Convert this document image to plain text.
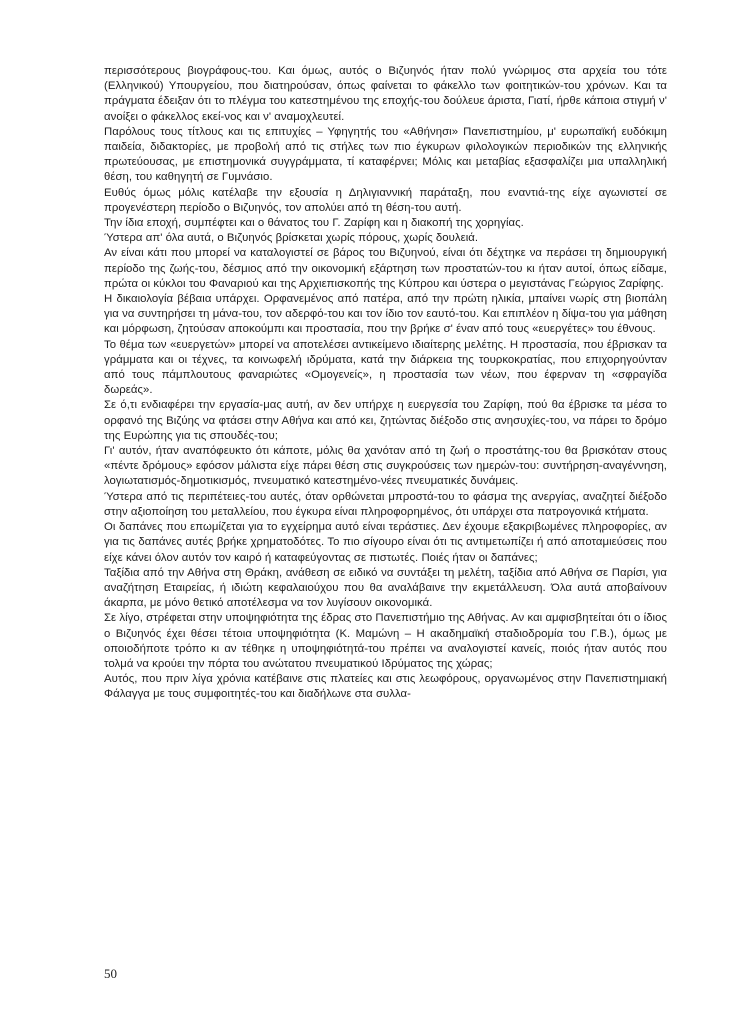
περισσότερους βιογράφους-του. Και όμως, αυτός ο Βιζυηνός ήταν πολύ γνώριμος στα αρχεία του τότε (Ελληνικού) Υπουργείου, που διατηρούσαν, όπως φαίνεται το φάκελλο των φοιτητικών-του χρόνων. Και τα πράγματα έδειξαν ότι το πλέγμα του κατεστημένου της εποχής-του δούλευε άριστα, Γιατί, ήρθε κάποια στιγμή ν' ανοίξει ο φάκελλος εκεί-νος και ν' αναμοχλευτεί.

Παρόλους τους τίτλους και τις επιτυχίες – Υφηγητής του «Αθήνησι» Πανεπιστημίου, μ' ευρωπαϊκή ευδόκιμη παιδεία, διδακτορίες, με προβολή από τις στήλες των πιο έγκυρων φιλολογικών περιοδικών της ελληνικής πρωτεύουσας, με επιστημονικά συγγράμματα, τί καταφέρνει; Μόλις και μεταβίας εξασφαλίζει μια υπαλληλική θέση, του καθηγητή σε Γυμνάσιο.

Ευθύς όμως μόλις κατέλαβε την εξουσία η Δηλιγιαννική παράταξη, που εναντιά-της είχε αγωνιστεί σε προγενέστερη περίοδο ο Βιζυηνός, τον απολύει από τη θέση-του αυτή.

Την ίδια εποχή, συμπέφτει και ο θάνατος του Γ. Ζαρίφη και η διακοπή της χορηγίας.

Ύστερα απ' όλα αυτά, ο Βιζυηνός βρίσκεται χωρίς πόρους, χωρίς δουλειά.

Αν είναι κάτι που μπορεί να καταλογιστεί σε βάρος του Βιζυηνού, είναι ότι δέχτηκε να περάσει τη δημιουργική περίοδο της ζωής-του, δέσμιος από την οικονομική εξάρτηση των προστατών-του κι ήταν αυτοί, όπως είδαμε, πρώτα οι κύκλοι του Φαναριού και της Αρχιεπισκοπής της Κύπρου και ύστερα ο μεγιστάνας Γεώργιος Ζαρίφης.

Η δικαιολογία βέβαια υπάρχει. Ορφανεμένος από πατέρα, από την πρώτη ηλικία, μπαίνει νωρίς στη βιοπάλη για να συντηρήσει τη μάνα-του, τον αδερφό-του και τον ίδιο τον εαυτό-του. Και επιπλέον η δίψα-του για μάθηση και μόρφωση, ζητούσαν αποκούμπι και προστασία, που την βρήκε σ' έναν από τους «ευεργέτες» του έθνους.

Το θέμα των «ευεργετών» μπορεί να αποτελέσει αντικείμενο ιδιαίτερης μελέτης. Η προστασία, που έβρισκαν τα γράμματα και οι τέχνες, τα κοινωφελή ιδρύματα, κατά την διάρκεια της τουρκοκρατίας, που επιχορηγούνταν από τους πάμπλουτους φαναριώτες «Ομογενείς», η προστασία των νέων, που έφερναν τη «σφραγίδα δωρεάς».

Σε ό,τι ενδιαφέρει την εργασία-μας αυτή, αν δεν υπήρχε η ευεργεσία του Ζαρίφη, πού θα έβρισκε τα μέσα το ορφανό της Βιζύης να φτάσει στην Αθήνα και από κει, ζητώντας διέξοδο στις ανησυχίες-του, να πάρει το δρόμο της Ευρώπης για τις σπουδές-του;

Γι' αυτόν, ήταν αναπόφευκτο ότι κάποτε, μόλις θα χανόταν από τη ζωή ο προστάτης-του θα βρισκόταν στους «πέντε δρόμους» εφόσον μάλιστα είχε πάρει θέση στις συγκρούσεις των ημερών-του: συντήρηση-αναγέννηση, λογιωτατισμός-δημοτικισμός, πνευματικό κατεστημένο-νέες πνευματικές δυνάμεις.

Ύστερα από τις περιπέτειες-του αυτές, όταν ορθώνεται μπροστά-του το φάσμα της ανεργίας, αναζητεί διέξοδο στην αξιοποίηση του μεταλλείου, που έγκυρα είναι πληροφορημένος, ότι υπάρχει στα πατρογονικά κτήματα.

Οι δαπάνες που επωμίζεται για το εγχείρημα αυτό είναι τεράστιες. Δεν έχουμε εξακριβωμένες πληροφορίες, αν για τις δαπάνες αυτές βρήκε χρηματοδότες. Το πιο σίγουρο είναι ότι τις αντιμετωπίζει ή από αποταμιεύσεις που είχε κάνει όλον αυτόν τον καιρό ή καταφεύγοντας σε πιστωτές. Ποιές ήταν οι δαπάνες;

Ταξίδια από την Αθήνα στη Θράκη, ανάθεση σε ειδικό να συντάξει τη μελέτη, ταξίδια από Αθήνα σε Παρίσι, για αναζήτηση Εταιρείας, ή ιδιώτη κεφαλαιούχου που θα αναλάβαινε την εκμετάλλευση. Όλα αυτά αποβαίνουν άκαρπα, με μόνο θετικό αποτέλεσμα να τον λυγίσουν οικονομικά.

Σε λίγο, στρέφεται στην υποψηφιότητα της έδρας στο Πανεπιστήμιο της Αθήνας. Αν και αμφισβητείται ότι ο ίδιος ο Βιζυηνός έχει θέσει τέτοια υποψηφιότητα (Κ. Μαμώνη – Η ακαδημαϊκή σταδιοδρομία του Γ.Β.), όμως με οποιοδήποτε τρόπο κι αν τέθηκε η υποψηφιότητά-του πρέπει να αναλογιστεί κανείς, ποιός ήταν αυτός που τολμά να κρούει την πόρτα του ανώτατου πνευματικού Ιδρύματος της χώρας;

Αυτός, που πριν λίγα χρόνια κατέβαινε στις πλατείες και στις λεωφόρους, οργανωμένος στην Πανεπιστημιακή Φάλαγγα με τους συμφοιτητές-του και διαδήλωνε στα συλλα-

50
